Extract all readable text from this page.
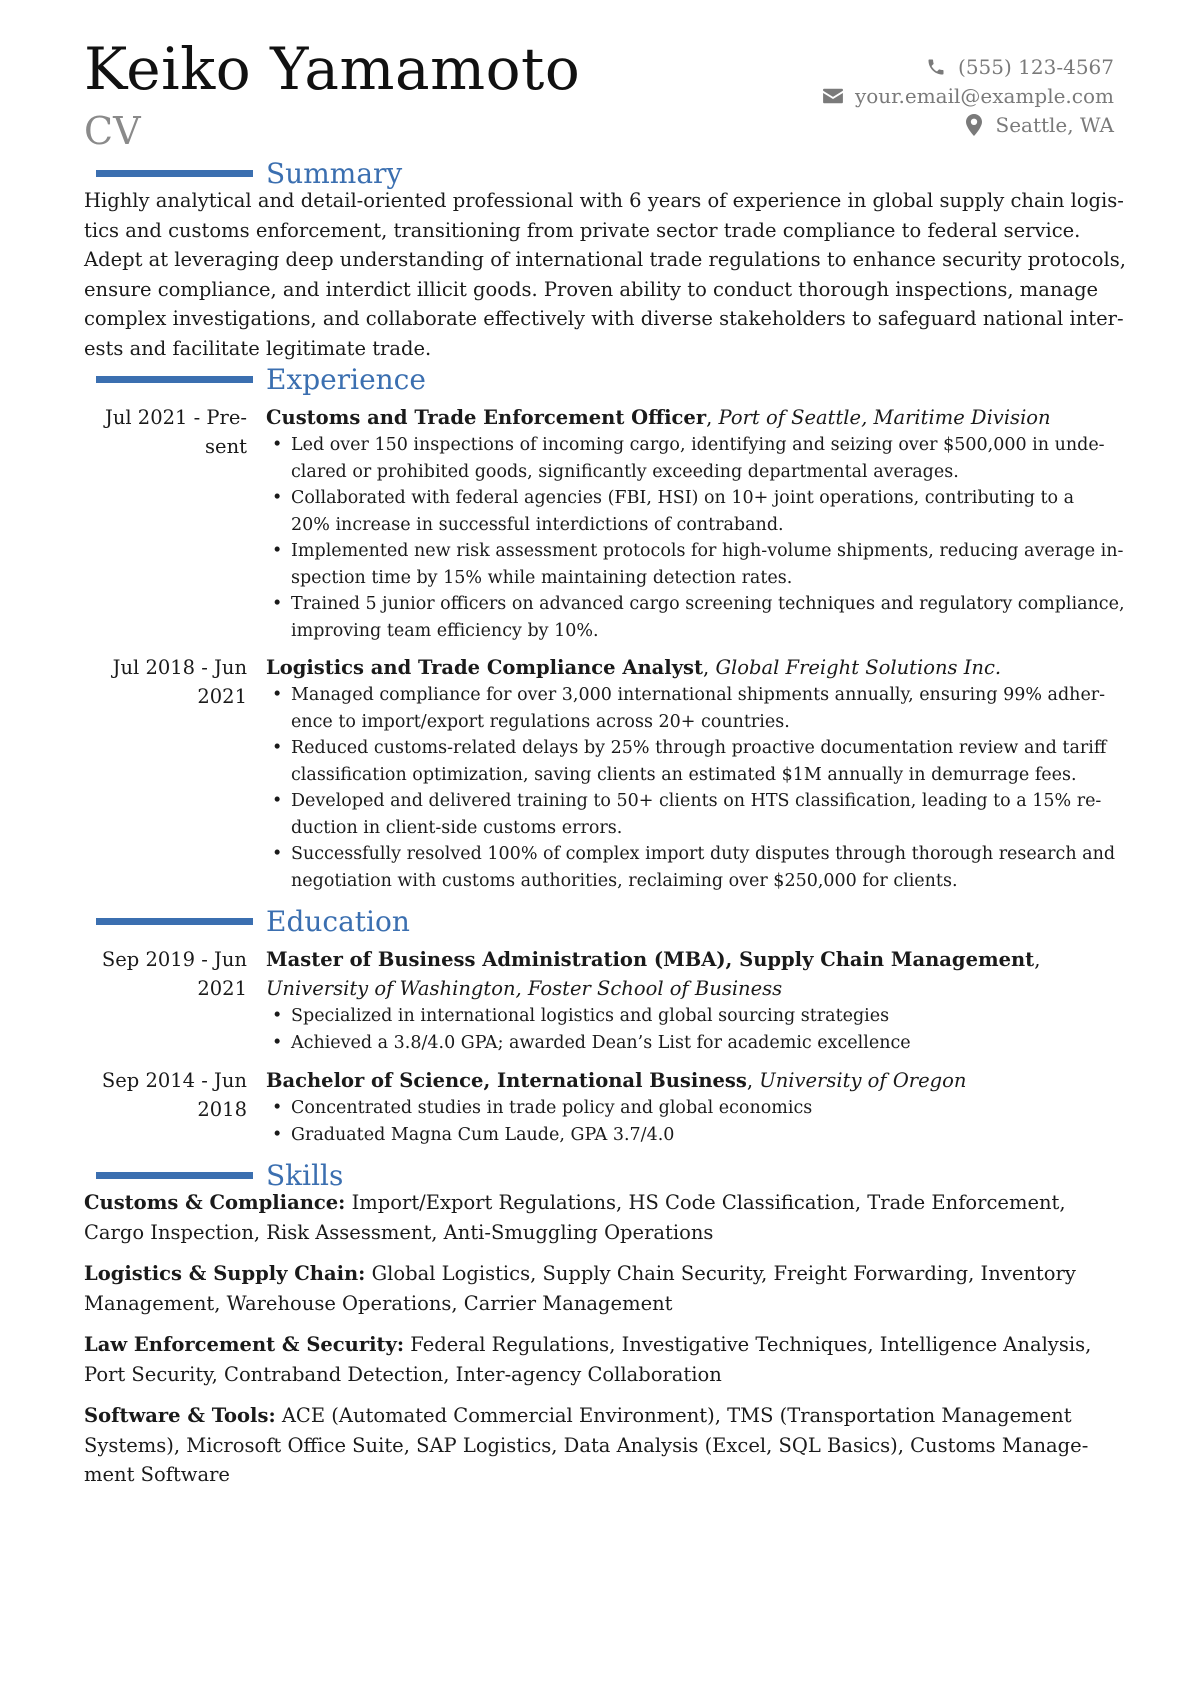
Keiko Yamamoto
CV
(555) 123-4567
your.email@example.com
Seattle, WA
Summary
Highly analytical and detail-oriented professional with 6 years of experience in global supply chain logis-
tics and customs enforcement, transitioning from private sector trade compliance to federal service.
Adept at leveraging deep understanding of international trade regulations to enhance security protocols,
ensure compliance, and interdict illicit goods. Proven ability to conduct thorough inspections, manage
complex investigations, and collaborate effectively with diverse stakeholders to safeguard national inter-
ests and facilitate legitimate trade.
Experience
Jul 2021 - Pre-
sent
Customs and Trade Enforcement Officer, Port of Seattle, Maritime Division
• Led over 150 inspections of incoming cargo, identifying and seizing over $500,000 in unde-
clared or prohibited goods, significantly exceeding departmental averages.
• Collaborated with federal agencies (FBI, HSI) on 10+ joint operations, contributing to a
20% increase in successful interdictions of contraband.
• Implemented new risk assessment protocols for high-volume shipments, reducing average in-
spection time by 15% while maintaining detection rates.
• Trained 5 junior officers on advanced cargo screening techniques and regulatory compliance,
improving team efficiency by 10%.
Jul 2018 - Jun
2021
Logistics and Trade Compliance Analyst, Global Freight Solutions Inc.
• Managed compliance for over 3,000 international shipments annually, ensuring 99% adher-
ence to import/export regulations across 20+ countries.
• Reduced customs-related delays by 25% through proactive documentation review and tariff
classification optimization, saving clients an estimated $1M annually in demurrage fees.
• Developed and delivered training to 50+ clients on HTS classification, leading to a 15% re-
duction in client-side customs errors.
• Successfully resolved 100% of complex import duty disputes through thorough research and
negotiation with customs authorities, reclaiming over $250,000 for clients.
Education
Sep 2019 - Jun
2021
Master of Business Administration (MBA), Supply Chain Management,
University of Washington, Foster School of Business
• Specialized in international logistics and global sourcing strategies
• Achieved a 3.8/4.0 GPA; awarded Dean’s List for academic excellence
Sep 2014 - Jun
2018
Bachelor of Science, International Business, University of Oregon
• Concentrated studies in trade policy and global economics
• Graduated Magna Cum Laude, GPA 3.7/4.0
Skills
Customs & Compliance: Import/Export Regulations, HS Code Classification, Trade Enforcement,
Cargo Inspection, Risk Assessment, Anti-Smuggling Operations
Logistics & Supply Chain: Global Logistics, Supply Chain Security, Freight Forwarding, Inventory
Management, Warehouse Operations, Carrier Management
Law Enforcement & Security: Federal Regulations, Investigative Techniques, Intelligence Analysis,
Port Security, Contraband Detection, Inter-agency Collaboration
Software & Tools: ACE (Automated Commercial Environment), TMS (Transportation Management
Systems), Microsoft Office Suite, SAP Logistics, Data Analysis (Excel, SQL Basics), Customs Manage-
ment Software
